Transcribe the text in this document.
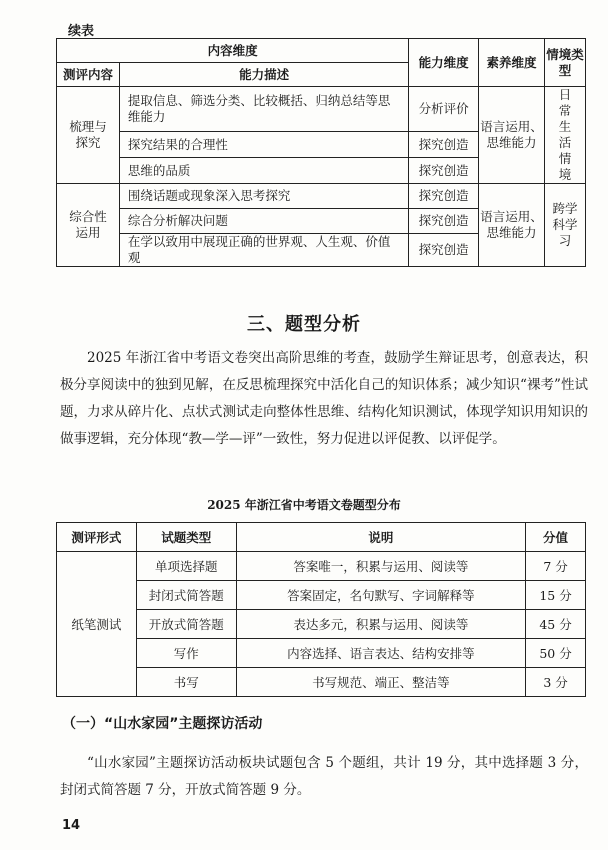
续表
内容维度		能力维度	素养维度	情境类型
测评内容	能力描述			
梳理与探究	提取信息、筛选分类、比较概括、归纳总结等思维能力	分析评价	语言运用、思维能力	日常生活情境
	探究结果的合理性	探究创造		
	思维的品质	探究创造		
综合性运用	围绕话题或现象深入思考探究	探究创造	语言运用、思维能力	跨学科学习
	综合分析解决问题	探究创造		
	在学以致用中展现正确的世界观、人生观、价值观	探究创造		
三、题型分析
2025 年浙江省中考语文卷突出高阶思维的考查，鼓励学生辩证思考，创意表达，积极分享阅读中的独到见解，在反思梳理探究中活化自己的知识体系；减少知识“裸考”性试题，力求从碎片化、点状式测试走向整体性思维、结构化知识测试，体现学知识用知识的做事逻辑，充分体现“教—学—评”一致性，努力促进以评促教、以评促学。
2025 年浙江省中考语文卷题型分布
测评形式	试题类型	说明	分值
纸笔测试	单项选择题	答案唯一，积累与运用、阅读等	7 分
	封闭式简答题	答案固定，名句默写、字词解释等	15 分
	开放式简答题	表达多元，积累与运用、阅读等	45 分
	写作	内容选择、语言表达、结构安排等	50 分
	书写	书写规范、端正、整洁等	3 分
（一）“山水家园”主题探访活动
“山水家园”主题探访活动板块试题包含 5 个题组，共计 19 分，其中选择题 3 分，封闭式简答题 7 分，开放式简答题 9 分。
14
